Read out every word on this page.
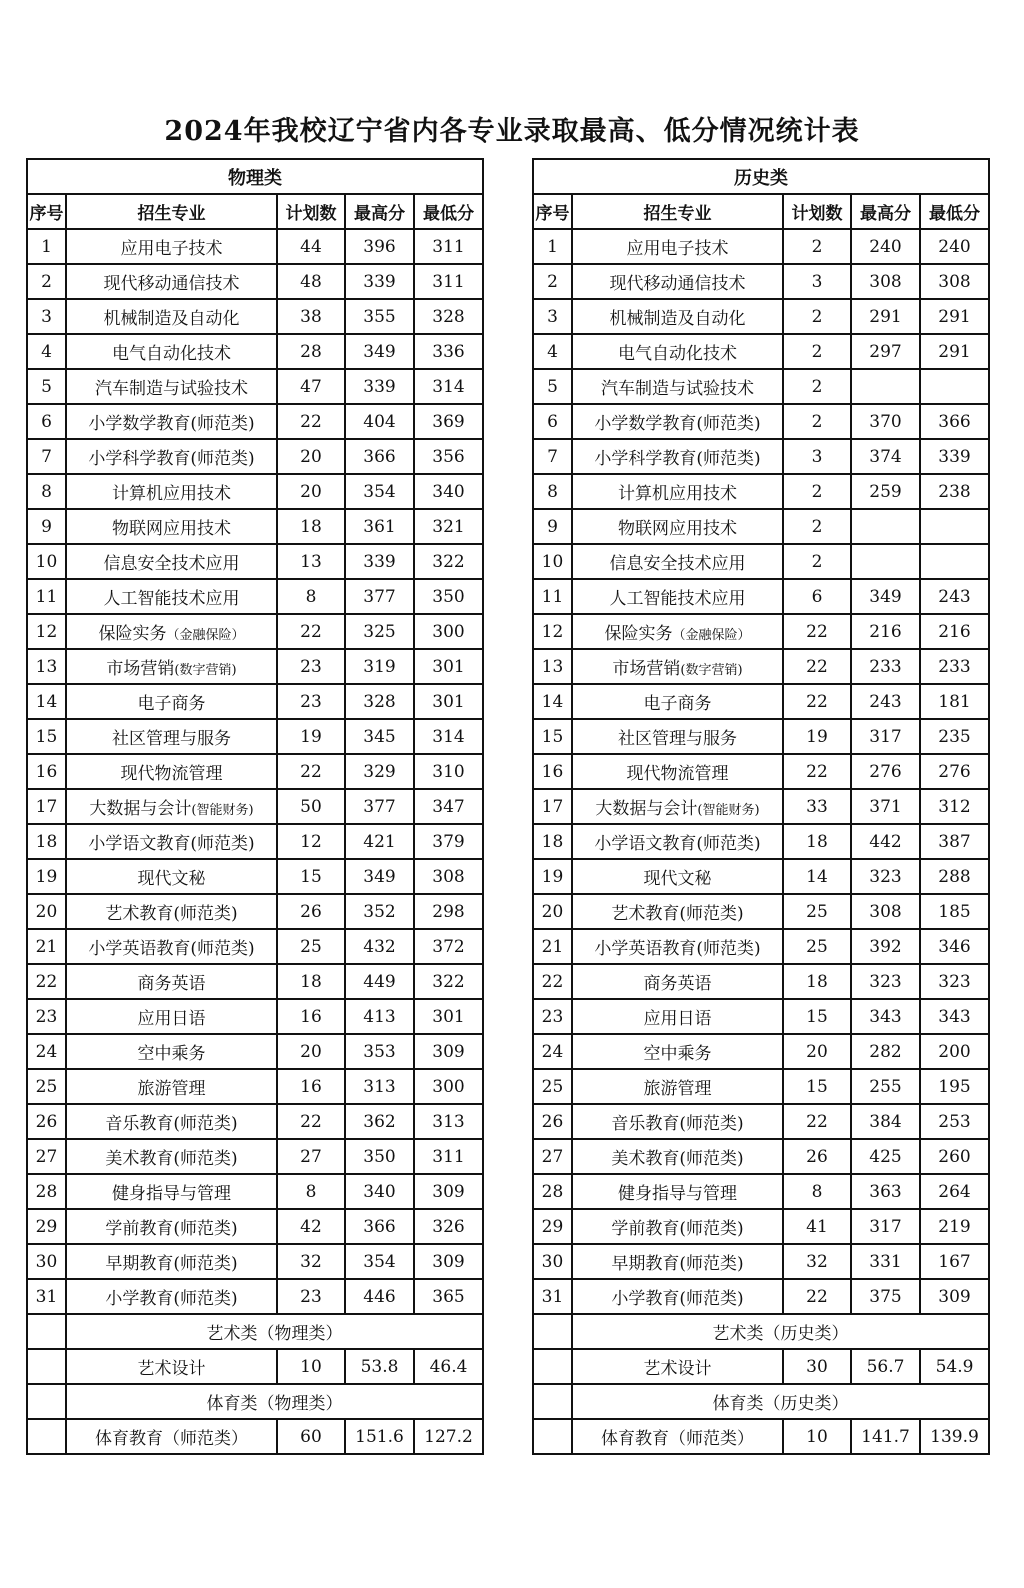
2024年我校辽宁省内各专业录取最高、低分情况统计表
物理类				
序号	招生专业	计划数	最高分	最低分
1	应用电子技术	44	396	311
2	现代移动通信技术	48	339	311
3	机械制造及自动化	38	355	328
4	电气自动化技术	28	349	336
5	汽车制造与试验技术	47	339	314
6	小学数学教育(师范类)	22	404	369
7	小学科学教育(师范类)	20	366	356
8	计算机应用技术	20	354	340
9	物联网应用技术	18	361	321
10	信息安全技术应用	13	339	322
11	人工智能技术应用	8	377	350
12	保险实务（金融保险）	22	325	300
13	市场营销(数字营销)	23	319	301
14	电子商务	23	328	301
15	社区管理与服务	19	345	314
16	现代物流管理	22	329	310
17	大数据与会计(智能财务)	50	377	347
18	小学语文教育(师范类)	12	421	379
19	现代文秘	15	349	308
20	艺术教育(师范类)	26	352	298
21	小学英语教育(师范类)	25	432	372
22	商务英语	18	449	322
23	应用日语	16	413	301
24	空中乘务	20	353	309
25	旅游管理	16	313	300
26	音乐教育(师范类)	22	362	313
27	美术教育(师范类)	27	350	311
28	健身指导与管理	8	340	309
29	学前教育(师范类)	42	366	326
30	早期教育(师范类)	32	354	309
31	小学教育(师范类)	23	446	365
	艺术类（物理类）			
	艺术设计	10	53.8	46.4
	体育类（物理类）			
	体育教育（师范类）	60	151.6	127.2
历史类				
序号	招生专业	计划数	最高分	最低分
1	应用电子技术	2	240	240
2	现代移动通信技术	3	308	308
3	机械制造及自动化	2	291	291
4	电气自动化技术	2	297	291
5	汽车制造与试验技术	2		
6	小学数学教育(师范类)	2	370	366
7	小学科学教育(师范类)	3	374	339
8	计算机应用技术	2	259	238
9	物联网应用技术	2		
10	信息安全技术应用	2		
11	人工智能技术应用	6	349	243
12	保险实务（金融保险）	22	216	216
13	市场营销(数字营销)	22	233	233
14	电子商务	22	243	181
15	社区管理与服务	19	317	235
16	现代物流管理	22	276	276
17	大数据与会计(智能财务)	33	371	312
18	小学语文教育(师范类)	18	442	387
19	现代文秘	14	323	288
20	艺术教育(师范类)	25	308	185
21	小学英语教育(师范类)	25	392	346
22	商务英语	18	323	323
23	应用日语	15	343	343
24	空中乘务	20	282	200
25	旅游管理	15	255	195
26	音乐教育(师范类)	22	384	253
27	美术教育(师范类)	26	425	260
28	健身指导与管理	8	363	264
29	学前教育(师范类)	41	317	219
30	早期教育(师范类)	32	331	167
31	小学教育(师范类)	22	375	309
	艺术类（历史类）			
	艺术设计	30	56.7	54.9
	体育类（历史类）			
	体育教育（师范类）	10	141.7	139.9
